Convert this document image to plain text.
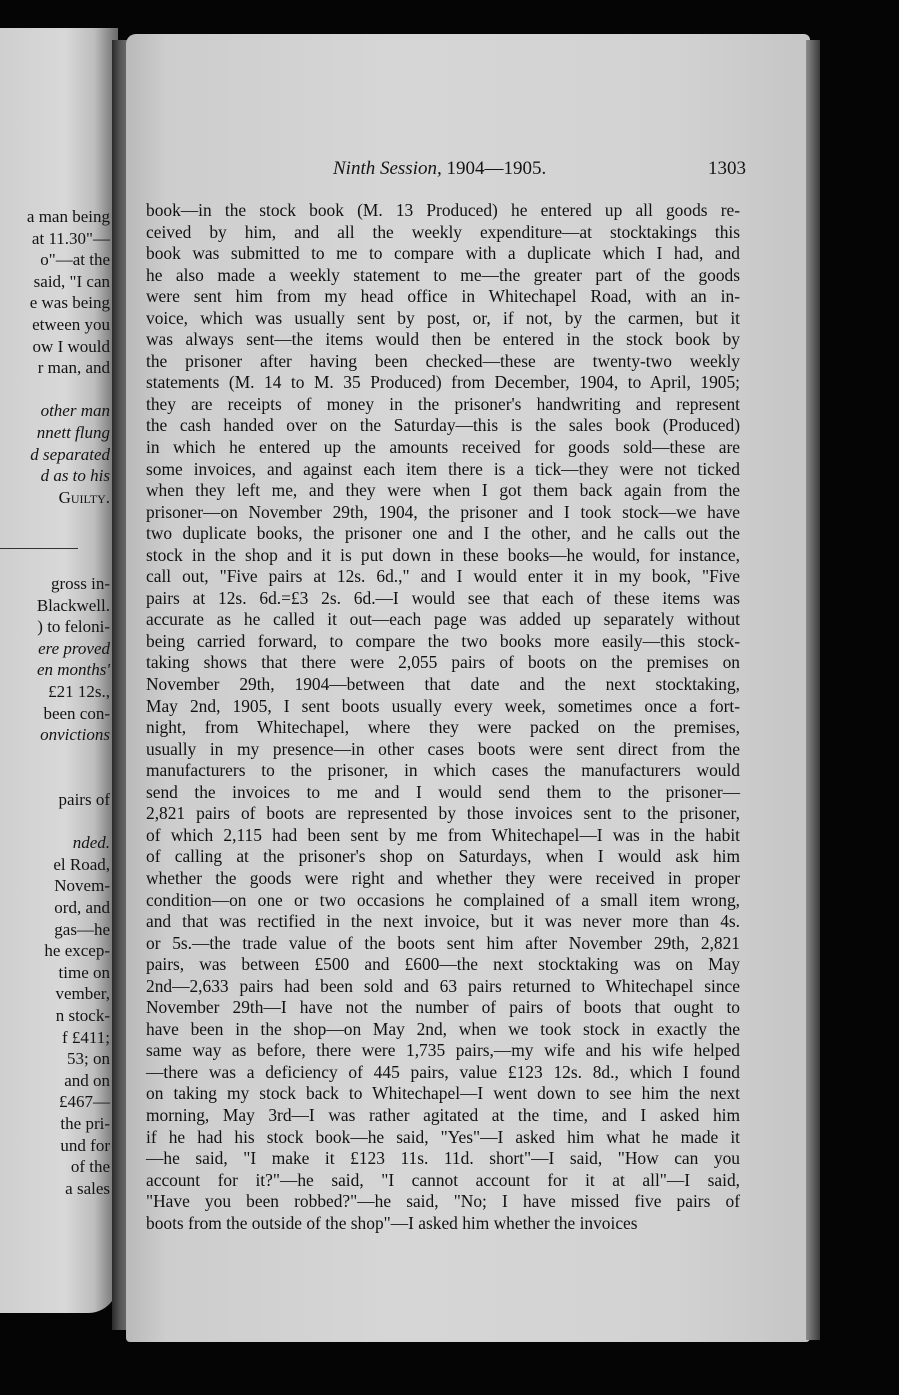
a man being
at 11.30"—
o"—at the
said, "I can
e was being
etween you
ow I would
r man, and
other man
nnett flung
d separated
d as to his
Guilty.
gross in-
Blackwell.
) to feloni-
ere proved
en months'
£21 12s.,
been con-
onvictions
pairs of
nded.
el Road,
Novem-
ord, and
gas—he
he excep-
time on
vember,
n stock-
f £411;
53; on
and on
£467—
the pri-
und for
of the
a sales
Ninth Session, 1904—1905.	1303
book—in the stock book (M. 13 Produced) he entered up all goods re-
ceived by him, and all the weekly expenditure—at stocktakings this
book was submitted to me to compare with a duplicate which I had, and
he also made a weekly statement to me—the greater part of the goods
were sent him from my head office in Whitechapel Road, with an in-
voice, which was usually sent by post, or, if not, by the carmen, but it
was always sent—the items would then be entered in the stock book by
the prisoner after having been checked—these are twenty-two weekly
statements (M. 14 to M. 35 Produced) from December, 1904, to April, 1905;
they are receipts of money in the prisoner's handwriting and represent
the cash handed over on the Saturday—this is the sales book (Produced)
in which he entered up the amounts received for goods sold—these are
some invoices, and against each item there is a tick—they were not ticked
when they left me, and they were when I got them back again from the
prisoner—on November 29th, 1904, the prisoner and I took stock—we have
two duplicate books, the prisoner one and I the other, and he calls out the
stock in the shop and it is put down in these books—he would, for instance,
call out, "Five pairs at 12s. 6d.," and I would enter it in my book, "Five
pairs at 12s. 6d.=£3 2s. 6d.—I would see that each of these items was
accurate as he called it out—each page was added up separately without
being carried forward, to compare the two books more easily—this stock-
taking shows that there were 2,055 pairs of boots on the premises on
November 29th, 1904—between that date and the next stocktaking,
May 2nd, 1905, I sent boots usually every week, sometimes once a fort-
night, from Whitechapel, where they were packed on the premises,
usually in my presence—in other cases boots were sent direct from the
manufacturers to the prisoner, in which cases the manufacturers would
send the invoices to me and I would send them to the prisoner—
2,821 pairs of boots are represented by those invoices sent to the prisoner,
of which 2,115 had been sent by me from Whitechapel—I was in the habit
of calling at the prisoner's shop on Saturdays, when I would ask him
whether the goods were right and whether they were received in proper
condition—on one or two occasions he complained of a small item wrong,
and that was rectified in the next invoice, but it was never more than 4s.
or 5s.—the trade value of the boots sent him after November 29th, 2,821
pairs, was between £500 and £600—the next stocktaking was on May
2nd—2,633 pairs had been sold and 63 pairs returned to Whitechapel since
November 29th—I have not the number of pairs of boots that ought to
have been in the shop—on May 2nd, when we took stock in exactly the
same way as before, there were 1,735 pairs,—my wife and his wife helped
—there was a deficiency of 445 pairs, value £123 12s. 8d., which I found
on taking my stock back to Whitechapel—I went down to see him the next
morning, May 3rd—I was rather agitated at the time, and I asked him
if he had his stock book—he said, "Yes"—I asked him what he made it
—he said, "I make it £123 11s. 11d. short"—I said, "How can you
account for it?"—he said, "I cannot account for it at all"—I said,
"Have you been robbed?"—he said, "No; I have missed five pairs of
boots from the outside of the shop"—I asked him whether the invoices
